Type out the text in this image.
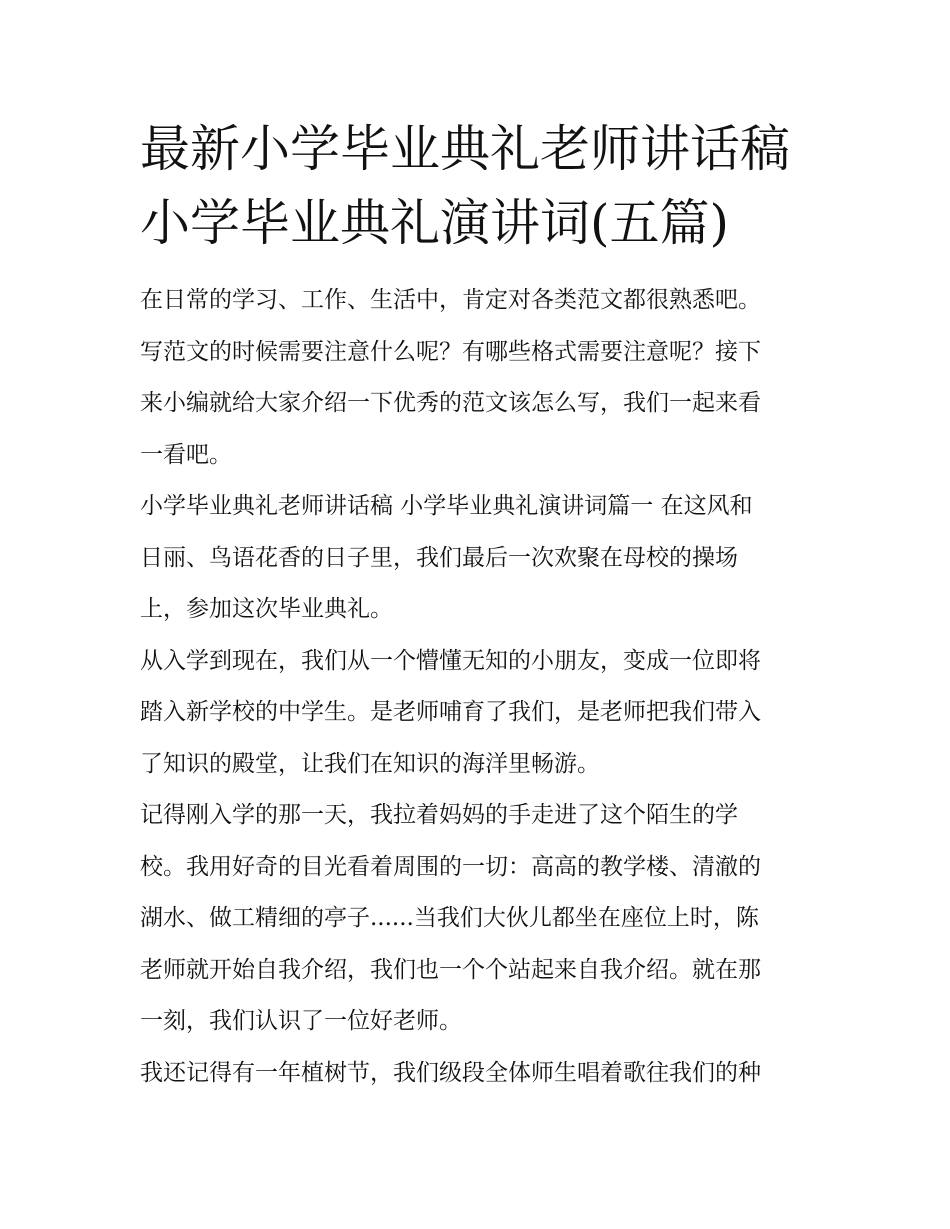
最新小学毕业典礼老师讲话稿
小学毕业典礼演讲词(五篇)

在日常的学习、工作、生活中，肯定对各类范文都很熟悉吧。
写范文的时候需要注意什么呢？有哪些格式需要注意呢？接下
来小编就给大家介绍一下优秀的范文该怎么写，我们一起来看
一看吧。

小学毕业典礼老师讲话稿 小学毕业典礼演讲词篇一 在这风和
日丽、鸟语花香的日子里，我们最后一次欢聚在母校的操场
上，参加这次毕业典礼。

从入学到现在，我们从一个懵懂无知的小朋友，变成一位即将
踏入新学校的中学生。是老师哺育了我们，是老师把我们带入
了知识的殿堂，让我们在知识的海洋里畅游。

记得刚入学的那一天，我拉着妈妈的手走进了这个陌生的学
校。我用好奇的目光看着周围的一切：高高的教学楼、清澈的
湖水、做工精细的亭子......当我们大伙儿都坐在座位上时，陈
老师就开始自我介绍，我们也一个个站起来自我介绍。就在那
一刻，我们认识了一位好老师。

我还记得有一年植树节，我们级段全体师生唱着歌往我们的种
